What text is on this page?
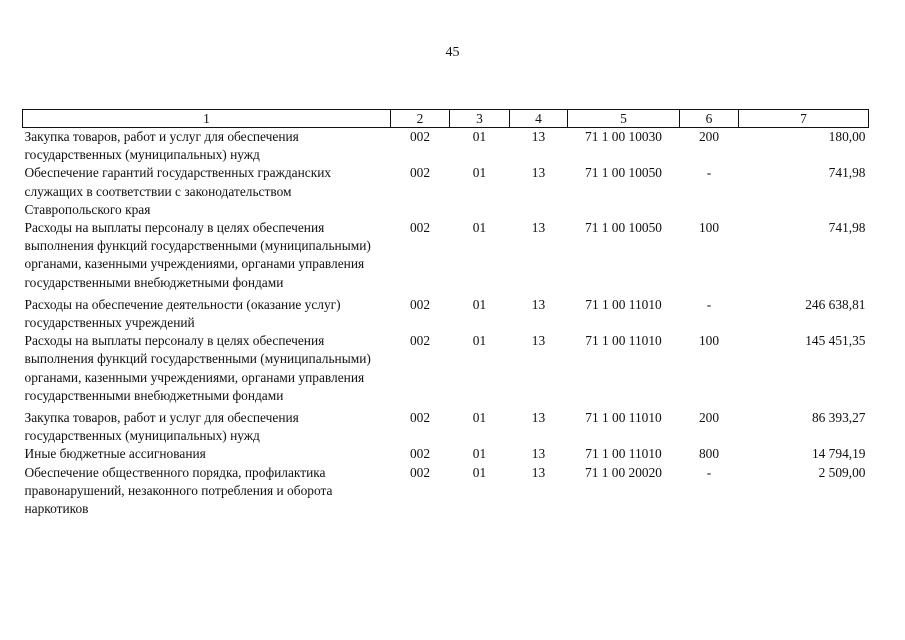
45
1	2	3	4	5	6	7
Закупка товаров, работ и услуг для обеспечения государственных (муниципальных) нужд	002	01	13	71 1 00 10030	200	180,00
Обеспечение гарантий государственных гражданских служащих в соответствии с законодательством Ставропольского края	002	01	13	71 1 00 10050	-	741,98
Расходы на выплаты персоналу в целях обеспечения выполнения функций государственными (муниципальными) органами, казенными учреждениями, органами управления государственными внебюджетными фондами	002	01	13	71 1 00 10050	100	741,98
Расходы на обеспечение деятельности (оказание услуг) государственных учреждений	002	01	13	71 1 00 11010	-	246 638,81
Расходы на выплаты персоналу в целях обеспечения выполнения функций государственными (муниципальными) органами, казенными учреждениями, органами управления государственными внебюджетными фондами	002	01	13	71 1 00 11010	100	145 451,35
Закупка товаров, работ и услуг для обеспечения государственных (муниципальных) нужд	002	01	13	71 1 00 11010	200	86 393,27
Иные бюджетные ассигнования	002	01	13	71 1 00 11010	800	14 794,19
Обеспечение общественного порядка, профилактика правонарушений, незаконного потребления и оборота наркотиков	002	01	13	71 1 00 20020	-	2 509,00
